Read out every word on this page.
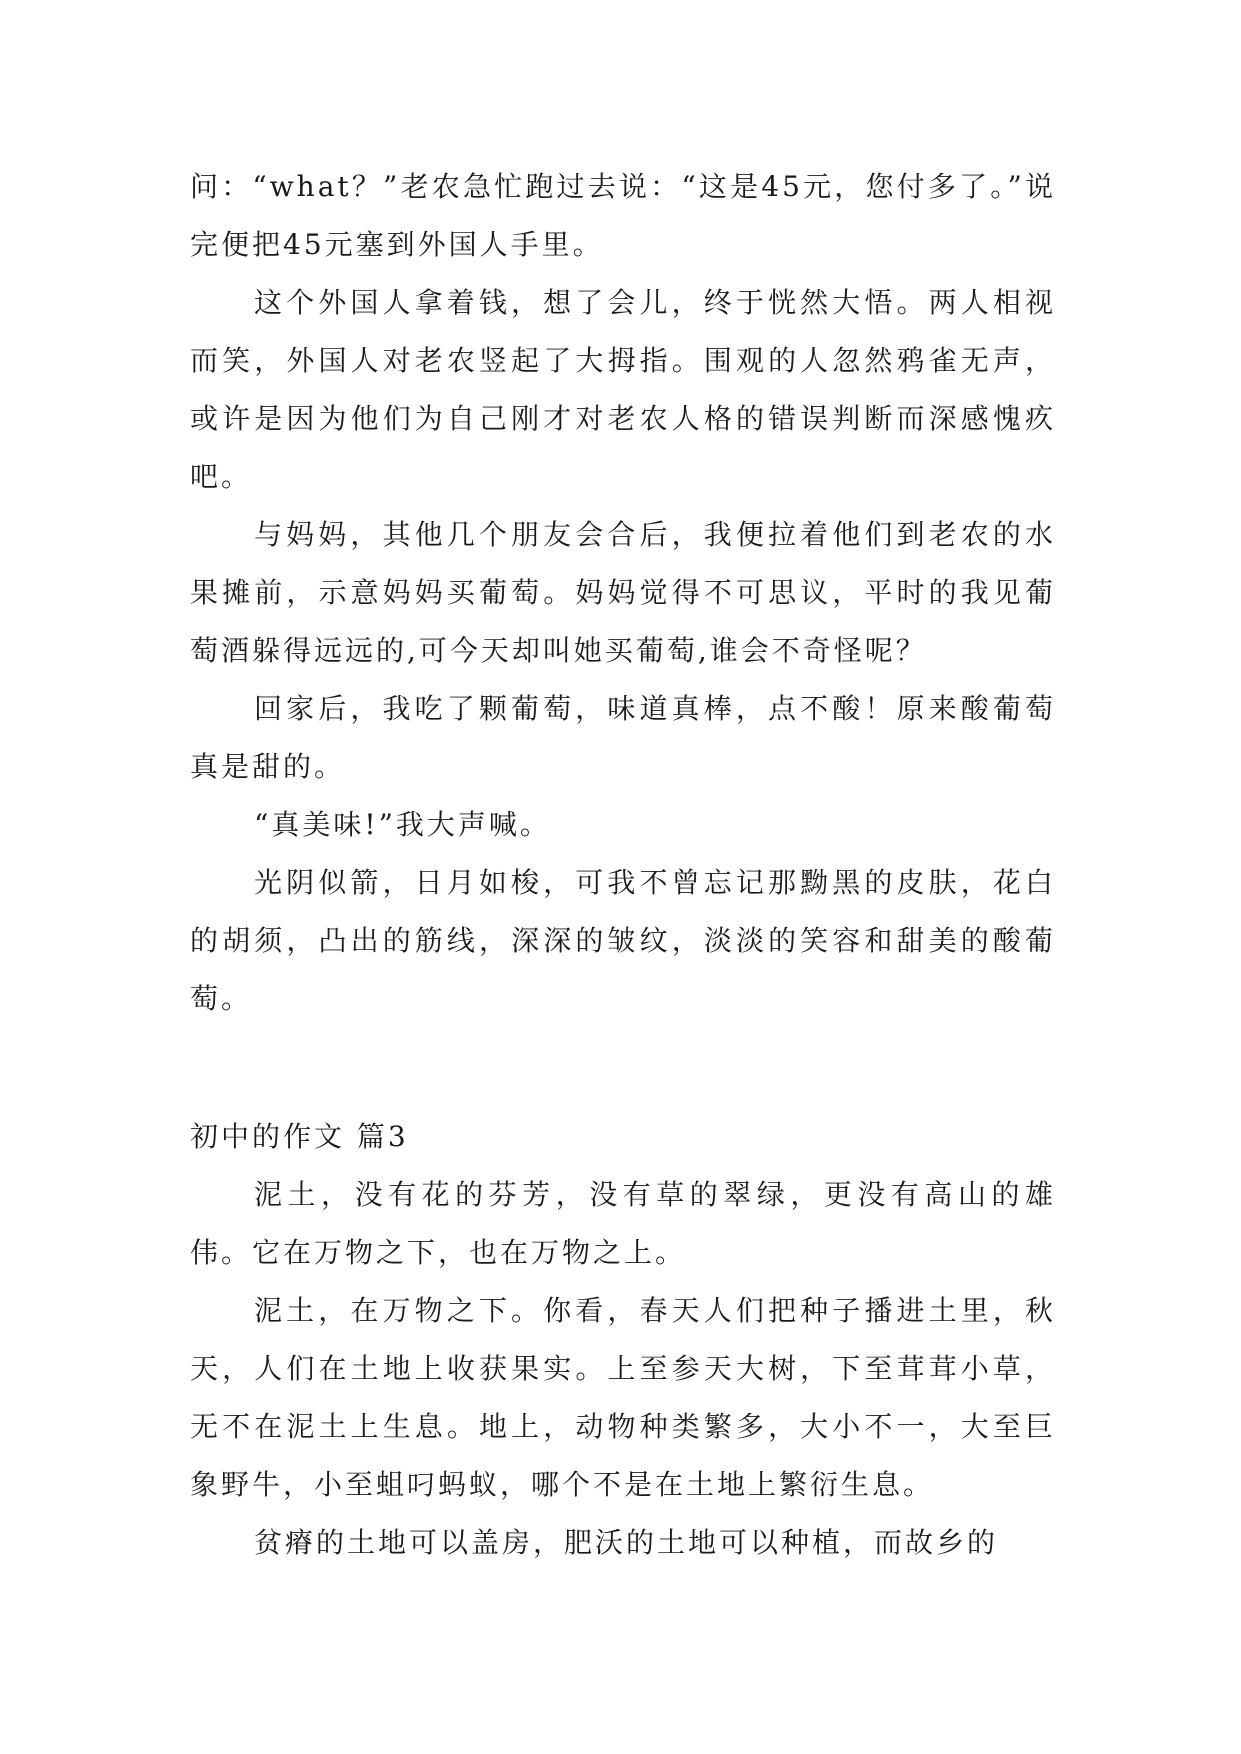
问：“what？”老农急忙跑过去说：“这是45元，您付多了。”说完便把45元塞到外国人手里。

这个外国人拿着钱，想了会儿，终于恍然大悟。两人相视而笑，外国人对老农竖起了大拇指。围观的人忽然鸦雀无声，或许是因为他们为自己刚才对老农人格的错误判断而深感愧疚吧。

与妈妈，其他几个朋友会合后，我便拉着他们到老农的水果摊前，示意妈妈买葡萄。妈妈觉得不可思议，平时的我见葡萄酒躲得远远的,可今天却叫她买葡萄,谁会不奇怪呢？

回家后，我吃了颗葡萄，味道真棒，点不酸！原来酸葡萄真是甜的。

“真美味!”我大声喊。

光阴似箭，日月如梭，可我不曾忘记那黝黑的皮肤，花白的胡须，凸出的筋线，深深的皱纹，淡淡的笑容和甜美的酸葡萄。

初中的作文 篇3

泥土，没有花的芬芳，没有草的翠绿，更没有高山的雄伟。它在万物之下，也在万物之上。

泥土，在万物之下。你看，春天人们把种子播进土里，秋天，人们在土地上收获果实。上至参天大树，下至茸茸小草，无不在泥土上生息。地上，动物种类繁多，大小不一，大至巨象野牛，小至蛆叼蚂蚁，哪个不是在土地上繁衍生息。

贫瘠的土地可以盖房，肥沃的土地可以种植，而故乡的
